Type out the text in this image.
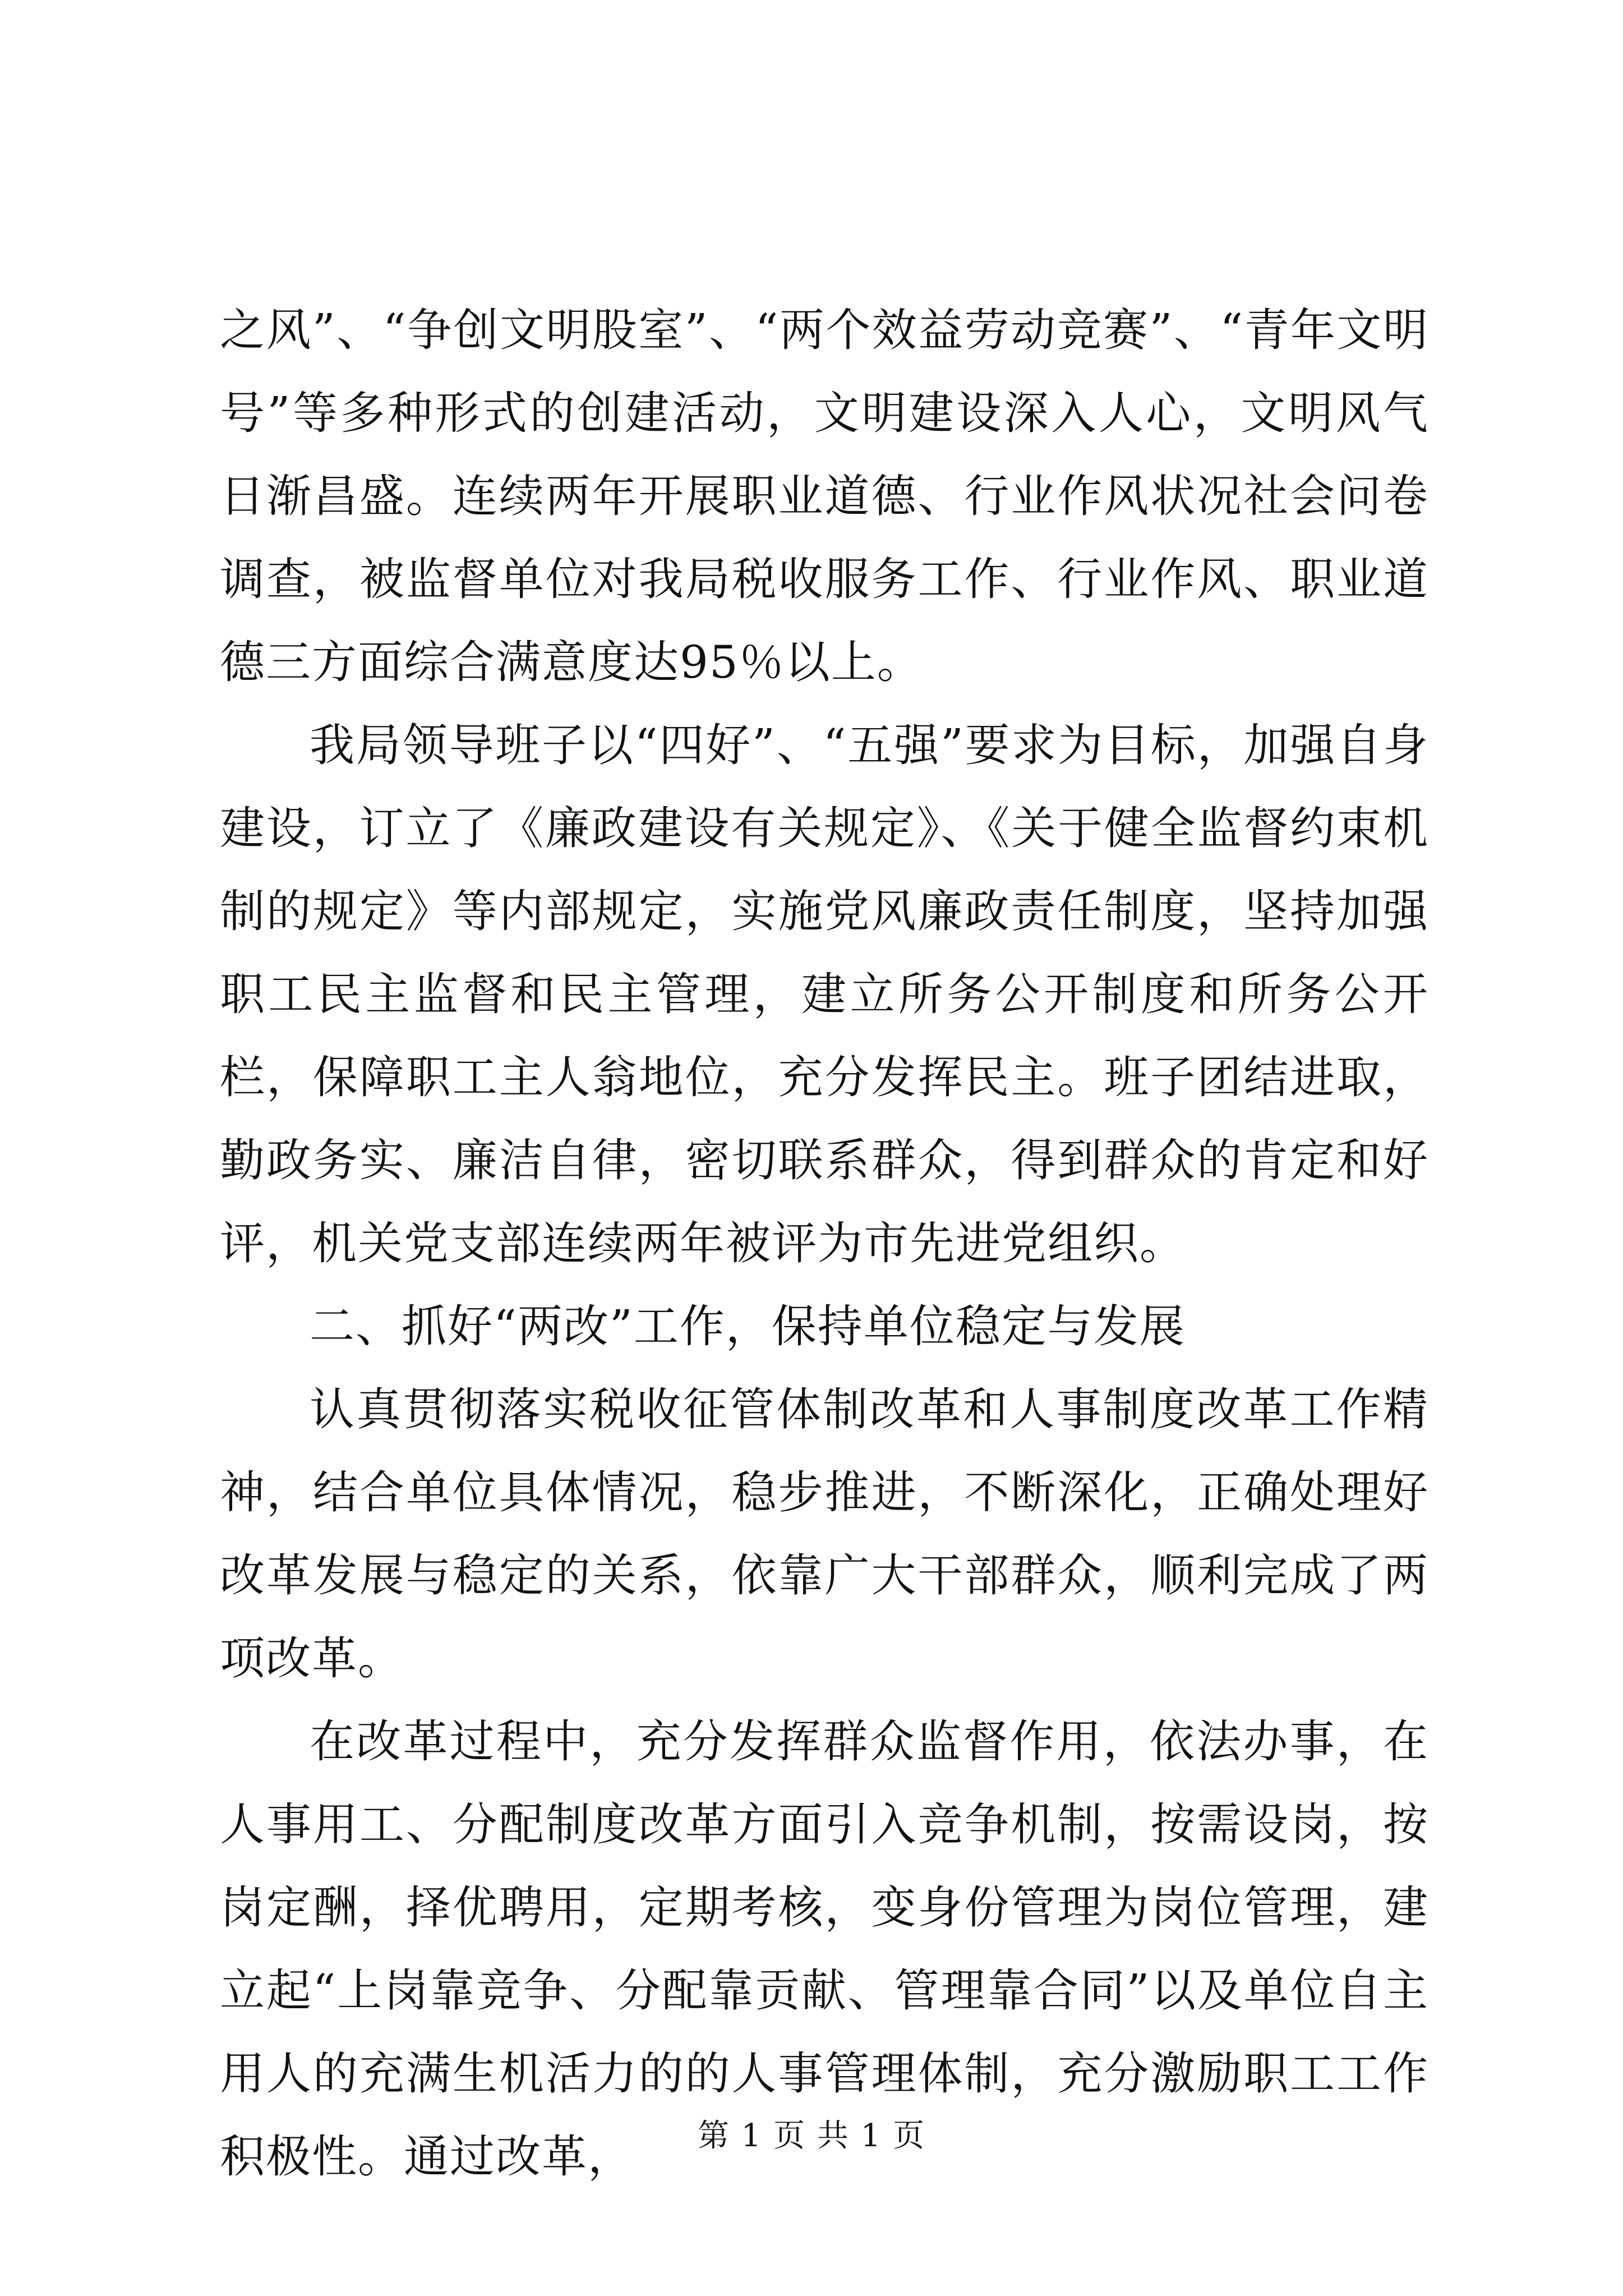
之风”、“争创文明股室”、“两个效益劳动竞赛”、“青年文明号”等多种形式的创建活动，文明建设深入人心，文明风气日渐昌盛。连续两年开展职业道德、行业作风状况社会问卷调查，被监督单位对我局税收服务工作、行业作风、职业道德三方面综合满意度达95％以上。

我局领导班子以“四好”、“五强”要求为目标，加强自身建设，订立了《廉政建设有关规定》、《关于健全监督约束机制的规定》等内部规定，实施党风廉政责任制度，坚持加强职工民主监督和民主管理，建立所务公开制度和所务公开栏，保障职工主人翁地位，充分发挥民主。班子团结进取，勤政务实、廉洁自律，密切联系群众，得到群众的肯定和好评，机关党支部连续两年被评为市先进党组织。

二、抓好“两改”工作，保持单位稳定与发展

认真贯彻落实税收征管体制改革和人事制度改革工作精神，结合单位具体情况，稳步推进，不断深化，正确处理好改革发展与稳定的关系，依靠广大干部群众，顺利完成了两项改革。

在改革过程中，充分发挥群众监督作用，依法办事，在人事用工、分配制度改革方面引入竞争机制，按需设岗，按岗定酬，择优聘用，定期考核，变身份管理为岗位管理，建立起“上岗靠竞争、分配靠贡献、管理靠合同”以及单位自主用人的充满生机活力的的人事管理体制，充分激励职工工作积极性。通过改革，	第 1 页 共 1 页
